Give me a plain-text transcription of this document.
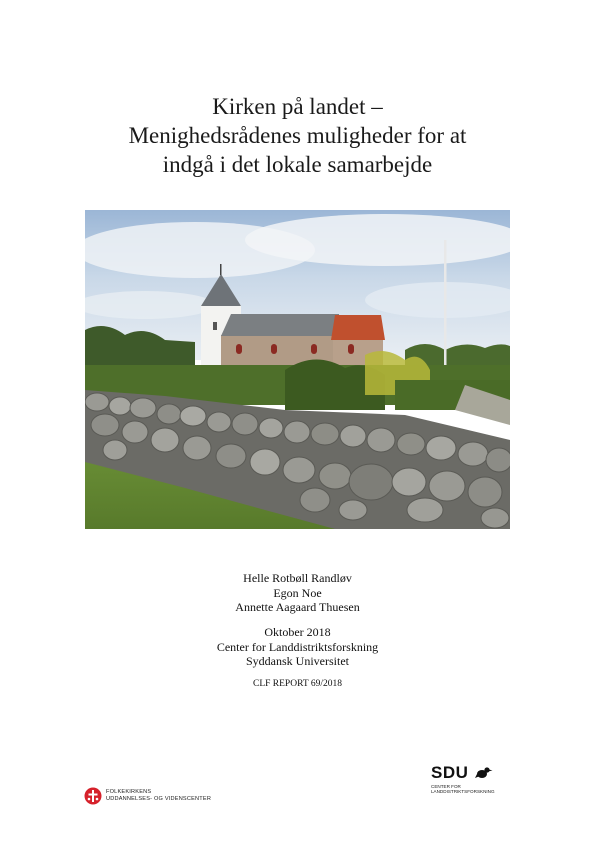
Kirken på landet –
Menighedsrådenes muligheder for at
indgå i det lokale samarbejde
Helle Rotbøll Randløv
Egon Noe
Annette Aagaard Thuesen
Oktober 2018
Center for Landdistriktsforskning
Syddansk Universitet
CLF REPORT 69/2018
FOLKEKIRKENS
UDDANNELSES- OG VIDENSCENTER
SDU
CENTER FOR
LANDDISTRIKTSFORSKNING
